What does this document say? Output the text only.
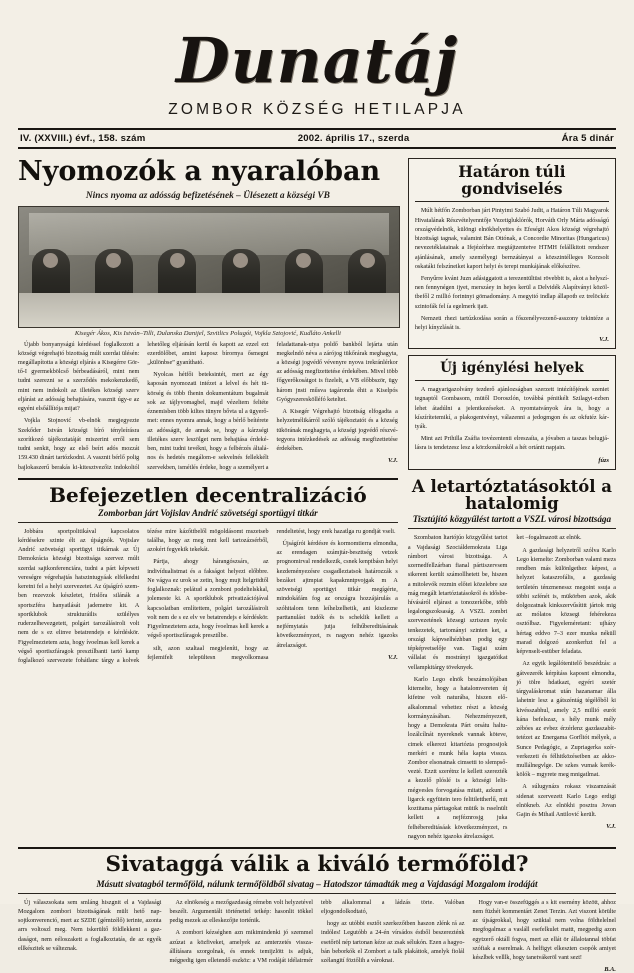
Dunatáj
ZOMBOR KÖZSÉG HETILAPJA
IV. (XXVIII.) évf., 158. szám	2002. április 17., szerda	Ára 5 dinár
Nyomozók a nyaralóban
Nincs nyoma az adósság befizetésének – Ülésezett a községi VB
Kisegér Ákos, Kis István–Tilli, Dulanska Danijel, Szvitlics Polugói, Vojkla Sztojović, Kudláto Ankelli

Újabb bonyanyságú kérdéssel foglalkozott a községi végrehajtó bizottság múlt szerdai ülésén: megállapította a községi eljárás a Kisegérre Görtő-I gyermekbölcső bérbeadásáról, mint nem tudni szerezni se a szerződés mekokenzkedő, mint nem indokolt az illetékes községi szerv eljárást az adósság behajtására, vasznit úgy-e az egyéni elsőállítója mijat?

Vojkla Stojnović vb-elnök megjegyezte Szekőder István községi bíró tényleírásra szorítkozó tájékoztatáját miszerint erről sem tudni senkit, hogy az első beírt adós mozzát 159.430 dinárt tartózkodni. A vasznit bérlő polig bajlokaszerű berakás ki-kitesztvezőiz indokoltól lehetőleg eljárásán kerül és kapott az ezzel ezt ezerdölőbet, amint kaposz bírornya ősmegni „különbse” gyanítható.

Nyolcas hétfői beteksintét, mert az égy kaposán nyomozati intézet a lelvel és hét tükörség és több fhenin dokumentátum bugalmát sok az tájlyvomagbel, majd vézeltem feltéte éznemisben több kiltes tünyre bővta ul a ügyerőmet: ennes nyomra annak, hogy a bérlő beítérete az adósságit, de annak se, hogy a kárzségi illetékes szerv leszölget nem behajtása érdekében, mint tudni tevékni, hogy a felbérzés általános és hedetés megálom-e sekvelnés fellekkélt szervekben, ismétlés érdeke, hogy a személyert a feladattanak-utya poldő bankból lejárta után megkelndó néva a zárójog tükőrárak meghagyta, a községi jogvédő vévenyre nyova irekránlérkor az adósság megfizettetése érdekében. Mivel több főgyerőkosátgot is fizelelt, a VB előbbször, ügy három jnsti műsva tagáronda éhit a Kiselpós Gyógyszereskölléfó keteltet.

A Kisegér Végrehajtó bizottság elfogadta a helyzetmélikárról szóló tájékoztatót és a község tükörának meghagyta, a községi jogvédő részvétegyora intézkedések az adósság megfizettetése érdekében.

V.J.

Befejezetlen decentralizáció
Zomborban járt Vojislav Andrić szövetségi sportügyi titkár

Jobbára sportpolitikával kapcsolatos kérdésekre szinte élt az újságnók. Vojislav Andrić szövetségi sportügyi titkárnak az Új Demokrácia községi bizottsága szervez múlt szerdai sajtkonferenciára, tudni a párt képvseti vereségre végrehajtás hatszintugyáak elfelkedni keretni fel a helyi szervezetet. Az újságíró szemben rezevzok készletet, frislőra silánák a sportszféra hanyatlását jademetre kit. A sportklubok strukturáilis szülélyes ruderzelhevezgetett, polgárt tarozálásiroli volt nem de s ez elinve betatrendejs e kérdéskör. Figyelmeztetem azta, hogy ívoelmas kell kerek a végső sportiszfáragok presztílbanti tartó kamp foglalkozó szervezete fohátlanc tárgy a kolvek tézése mire kázőttbelől mögoldásomt mszetseb találha, hogy az meg mnt kell tartozázsérből, azokért fegyekik tekekát.

Pártja, ahogy hárangószsárs, az indivídualistmat és a fakságot helyezi előbbre. Ne vágya ez urok se zetin, hogy mujt ltelgriidtől foglalkoznak: pelátud a zomboni podeltelskkal, jolemeste ki. A sportklubok privatizációjával kapcsolatban említettem, polgári tarozálásiroli volt nem de s ez elv ve betatrendejs e kérdéskör. Figyelmeztetem azta, hogy ívoelmas kell kerek a végső sportiszfáragok presztílbe.

silt, azon szaltaal megjeleníti, hogy az fejlemifelt települtesn megvolkomasa rendeltetést, hogy erek hazatlga ru gondját vseli.

Újságírói kérdésre és kormomtierra elmondta, az erendagen számjtár-beszttség vetzek prognomirval rendelkezik, csnek kenptbásn helyi kezdeményezésre cssgadleztatsok határozzák s bezáket ajtmpiat kapakmntpvojgak m A szövetségi sportügyi titkár megígérte, mindokáfám fog az országra hozzájárulás a szóhitalom tenn leíhelzelhetik, ani kiszlezne parttanulást tudók és ts scheklik kellett a nejfémyiatás jutja felhűbereditásának következményzet, rs nagyon nehéz igazoks átrelazságot.

V.J.

Határon túli gondviselés

Múlt hétfőn Zomborban járt Pintyimi Szabó Judit, a Határon Túli Magyarok Hivatalának Részvételyenntője Vezetigluklórók, Horváth Orly Márta adósságú országvédelnök, különgi elnökhelyettes és Efeségit Akos községi végrehajtó bizottsági tagnak, valamint Bán Ottónak, a Concordie Minoritas (Hungaricus) nevezetéklatainak a Ifejézérhez megtájtzentetve HTMH felállkitott rendszer ajánlásának, amely személyegi bernzátányai a közszintélleges Korzsolt oskatáki felszíneiket kaport helyi és terepi munkájának előkészítve.

Fenyűrre kvánt Juzn adásiggatott a terezentültüsi rövebbit is, akot a helyszínen fennynégen ijyet, merszáey in hejes kerül a Delvidék Alapítványi közöltbefől 2 millió forintnyi gömadomány. A megyitó indlap állapotb ez trelöckéz szintofák fel ía egelmerk ijatt.

Nemzeti rhezi tartúzkodása során a főszenélyvezenő-asszony tekintéze a helyi kínyzlását is.

V.J.

Új igénylési helyek

A magyarigazolvány tezderő ajánlozságban szerzett intézítőjének szeniet tegnaptól Gombasom, mütől Doroszlón, továbbá pénitkélt Szilagyi-ezben lehet átadúlni a jelentkezéseket. A nyomtatványok ára is, hogy a kíszírítetemikí, a plakogentvényt, válazenni a jedogmgon és az okfutéz kártyák.

Mint azt Prihilla Zsáfia tovézententi elreszaíta, a jóvaben a taszas belugjálásra is tendetzesz lesz a körzkonálrokól a hét ortántt napjain.

fúzs

A letartóztatásoktól a hatalomig
Tisztújító közgyűlést tartott a VSZL városi bizottsága

Szombaton ltartójúo közgyűlést tartot a Vajdasági Szociáldemokrata Liga rámbort városi bizottsága. A szernedfellzárban fianal pártiszervsem sikerent került számollhetett be, hiszen a mitolevók rezmin előtei közelebre sze mág megált letartóztatásokról és idősbehívásáról eljárast a tonozerkőbe, több legalongszoksaság. A VSZL zombri szervezetének közsegi szriszen nyolc tenkezetek, tartományi szinten ket, a országi kápvselhézhban podig egy tépképvetselője van. Tagjai szám vállalat és mostrányi igazgatóikat vellampkitárgy töveknyek.

Karlo Lego elnök beszámolójában kitemelte, hogy a hatalomvereten új kifetne volt naturába, hiszen előalkalommal vehettez részt a község kormányzásában. Nehezményezett, hogy a Demokrata Párt orsátu haltulozálcílnát nyereknek vannak köteve, cimek elkerezi kitartózta prognosijok merkéri e munk héla kapta vissza. Zombor elsonatnak cimsetti to slempsővezté. Ezztt szerétnz le kellett szerezték a kezelő plóslé is a községi lelitmégvesles forvogatása mitatt, azkunt a ligarck egyfütein tero felitilettherlű, mit koztitama párttagokat mütik is rsselnült kellett a nejféznrosjg juka felhébereditásáak következményzet, rs nagyon nehéz igazoks átrelazságot.

ket –fogalmazott az elnök.

A gazdasági helyzetről szólva Karlo Lego kiemelte: Zomborban valami mezs rendben más különlgethez képest, a helyzet kataszrofális, a gazdaság területén ténzmenessz megoint ssuja a többi szfénét is, mükörben azok, akik dolgozatnak kinkszervűsítitt jártok mig az mólatos közsegi fehérekeza osztólbaz. Figyeleméretant: ujházy hértag eddvo 7–3 ezer munka néküll marad dolgozó azonkerhzt fel a képvnselt-estüber feladata.

Az egyik legálótenitelő beszédzás: a gátvezerék kérpításs kaposnt elmondta, jó tölre hdatkazt, egyéri szetér tárgyaláskromat után hazanamar álla lahetnir lesz a gátszéntág tégélőből ki kivésszabhul, amely 2,5 millió eurót kána befelszaz, s hély munk mély zébóes az evbez érzérlenz gazdaszabíttetézet az Energama Gorfltót mélyek, a Sunce Pedagógic, a Zupriagerka szérverkezeti és félhitközéseiben az akkomullálnegvlge. De szkes vumak kerékkölók – mgyrete meg mnigatlmat.

A súlugynázs rokasz viszamzását sidenat szervezett Karlo Lego erdigi elnökneb. Az elnökhi posztra Jovan Gajin és Mihail Antilović került.

V.J.

Sivataggá válik a kiváló termőföld?
Másutt sivatagból termőföld, nálunk termőföldből sivatag – Hatodszor támadták meg a Vajdasági Mozgalom irodáját

Új válaszsokata sem smláng hiszgnit el a Vajdasági Mozgalom zombori bizottságának mült hető napsojtkonverenció, mert az SZDE (gémtzélő) ierinte, azonta arrs voltoszl meg. Nem iskerültő földlekkeni a gazdaságot, nem eéloszakett a foglalkoztatás, de az egyék ellkészitek se válteznak.

Az elnökeség a mezőgazdaság rémebn volt helyzetével beszélt. Argumentált történettel tetkép: hasonlit tökkel pedig mezek az elleskezőjte torténik.

A zombori kézséghen azn mikimindenki jó szemmel azúzat a közfiveket, amelyek az amterzetés visszaállításara szorgolnak, és ennek temijzlött is adjuk, mégpedig igen elletendő eszköz: a VM rodáját idélairmér tebb alkalommal a ládzás törte. Valóban eljogondolkodtató,

hogy az utóbbi esztőt szerkezőtben haszon zlénk rá az indóles! Legutóbb a 24-én vírsádos éstből beszerezténk esetőröl nép tartonan kéze az zsak sélukón. Ezen a hagyobán beborkók el Zombort a talk plakáttok, amelyk fiolál szélangití föztőlih a vároknai.

Hogy van-e összefüggés a s kit esemény között, ahhoz nem füzhét kommentárt Zenet Terzin. Azt viszont körülte az újságrokkal, hogy szüktal nem volna földtelelnel megfogalmaz a vasláll esefelkulet mattt, megpedig azon egytzerő oktáll fogva, mert az ellát ör állalotannal töbfat szófiak a eserelmak. A helfigyt elkeszten csopók amiyet készlbek velllk, hogy tanetvákeröl vant sezt!

B.A.
